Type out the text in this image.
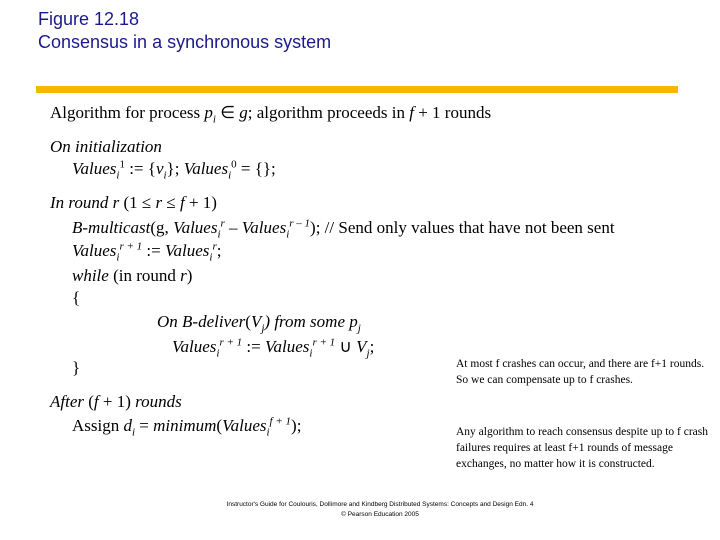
Figure 12.18
Consensus in a synchronous system
Algorithm for process $p_i$ ∈ g; algorithm proceeds in f + 1 rounds
On initialization
Values$_i^1$ := $\{v_i\}$; Values$_i^0$ = {};
In round r (1 ≤ r ≤ f + 1)
B-multicast(g, Values$_i^r$ – Values$_i^{r - 1}$); // Send only values that have not been sent
Values$_i^{r + 1}$ := Values$_i^r$;
while (in round r)
{
On $B-deliver(V_j)$ from some $p_j$
Values$_i^{r + 1}$ := Values$_i^{r + 1}$ ∪ $V_j$;
}
After (f + 1) rounds
Assign $d_i$ = minimum(Values$_i^{f + 1}$);
At most f crashes can occur, and there are f+1 rounds. So we can compensate up to f crashes.
Any algorithm to reach consensus despite up to f crash failures requires at least f+1 rounds of message exchanges, no matter how it is constructed.
Instructor's Guide for Coulouris, Dollimore and Kindberg Distributed Systems: Concepts and Design Edn. 4
© Pearson Education 2005
